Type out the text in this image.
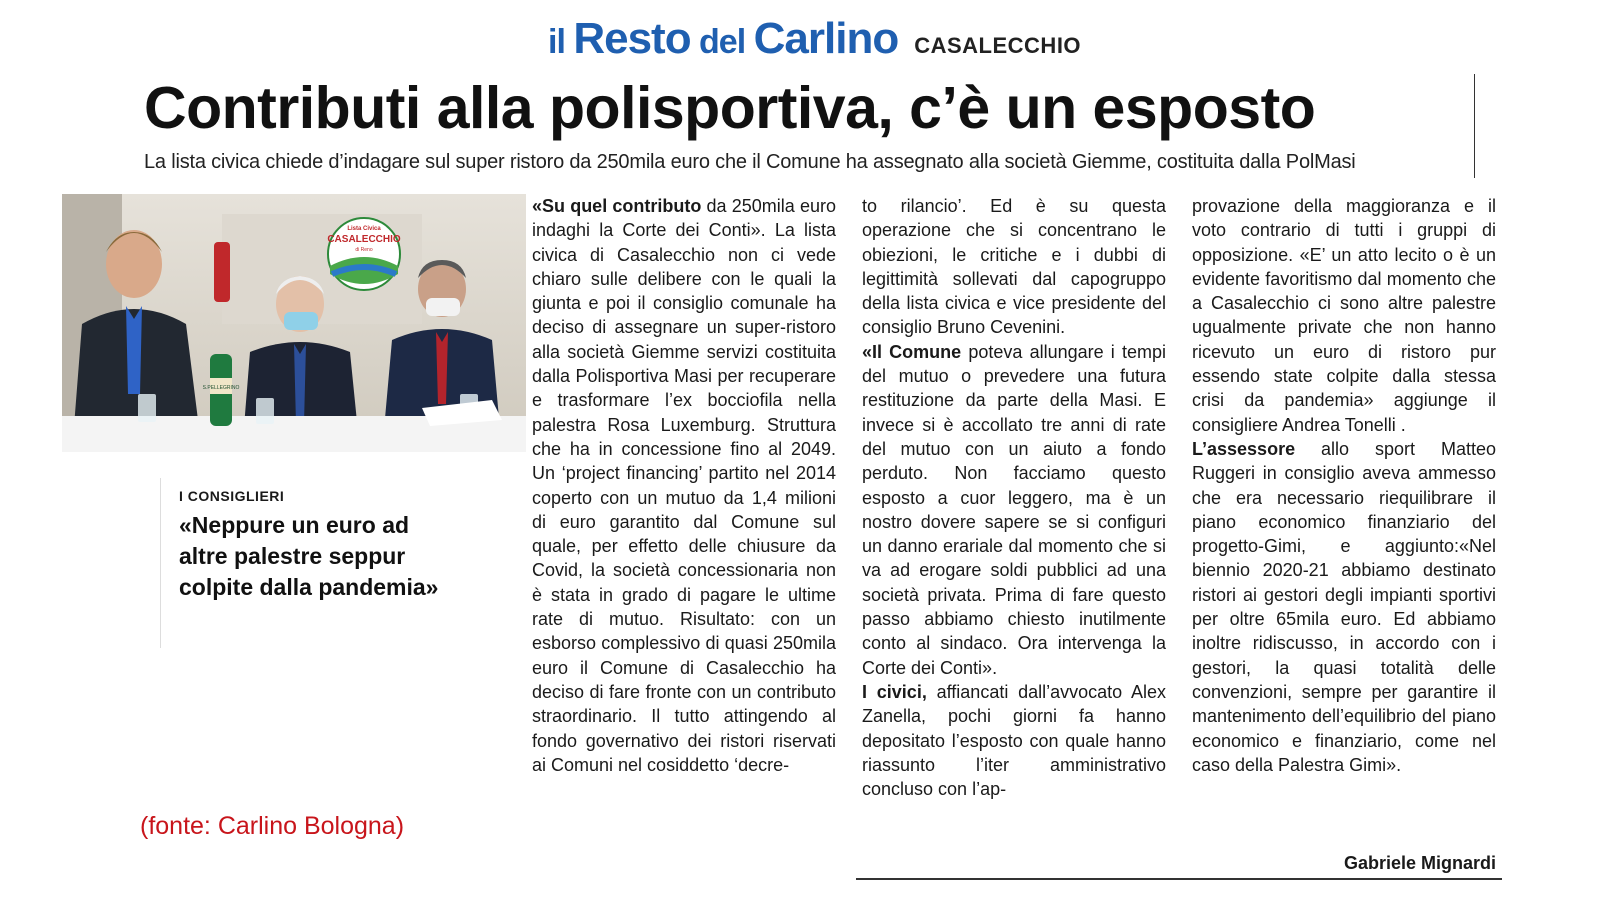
il Resto del Carlino CASALECCHIO
Contributi alla polisportiva, c’è un esposto
La lista civica chiede d’indagare sul super ristoro da 250mila euro che il Comune ha assegnato alla società Giemme, costituita dalla PolMasi
S.PELLEGRINO
Lista Civica
CASALECCHIO
di Reno
I CONSIGLIERI
«Neppure un euro ad altre palestre seppur colpite dalla pandemia»
(fonte: Carlino Bologna)

«Su quel contributo da 250mila euro indaghi la Corte dei Conti». La lista civica di Casalecchio non ci vede chiaro sulle delibere con le quali la giunta e poi il consiglio comunale ha deciso di assegnare un super-ristoro alla società Giemme servizi costituita dalla Polisportiva Masi per recuperare e trasformare l’ex bocciofila nella palestra Rosa Luxemburg. Struttura che ha in concessione fino al 2049. Un ‘project financing’ partito nel 2014 coperto con un mutuo da 1,4 milioni di euro garantito dal Comune sul quale, per effetto delle chiusure da Covid, la società concessionaria non è stata in grado di pagare le ultime rate di mutuo. Risultato: con un esborso complessivo di quasi 250mila euro il Comune di Casalecchio ha deciso di fare fronte con un contributo straordinario. Il tutto attingendo al fondo governativo dei ristori riservati ai Comuni nel cosiddetto ‘decre-

to rilancio’. Ed è su questa operazione che si concentrano le obiezioni, le critiche e i dubbi di legittimità sollevati dal capogruppo della lista civica e vice presidente del consiglio Bruno Cevenini.

«Il Comune poteva allungare i tempi del mutuo o prevedere una futura restituzione da parte della Masi. E invece si è accollato tre anni di rate del mutuo con un aiuto a fondo perduto. Non facciamo questo esposto a cuor leggero, ma è un nostro dovere sapere se si configuri un danno erariale dal momento che si va ad erogare soldi pubblici ad una società privata. Prima di fare questo passo abbiamo chiesto inutilmente conto al sindaco. Ora intervenga la Corte dei Conti».

I civici, affiancati dall’avvocato Alex Zanella, pochi giorni fa hanno depositato l’esposto con quale hanno riassunto l’iter amministrativo concluso con l’ap-

provazione della maggioranza e il voto contrario di tutti i gruppi di opposizione. «E’ un atto lecito o è un evidente favoritismo dal momento che a Casalecchio ci sono altre palestre ugualmente private che non hanno ricevuto un euro di ristoro pur essendo state colpite dalla stessa crisi da pandemia» aggiunge il consigliere Andrea Tonelli .

L’assessore allo sport Matteo Ruggeri in consiglio aveva ammesso che era necessario riequilibrare il piano economico finanziario del progetto-Gimi, e aggiunto:«Nel biennio 2020-21 abbiamo destinato ristori ai gestori degli impianti sportivi per oltre 65mila euro. Ed abbiamo inoltre ridiscusso, in accordo con i gestori, la quasi totalità delle convenzioni, sempre per garantire il mantenimento dell’equilibrio del piano economico e finanziario, come nel caso della Palestra Gimi».

Gabriele Mignardi
